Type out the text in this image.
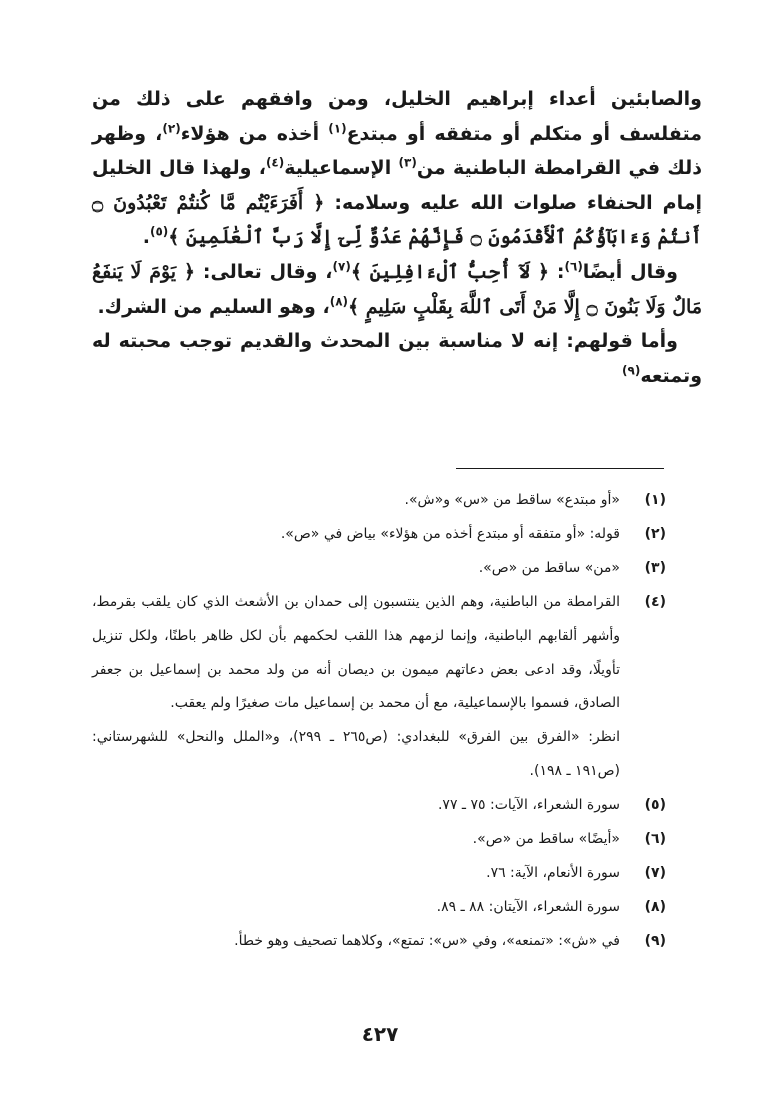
والصابئين أعداء إبراهيم الخليل، ومن وافقهم على ذلك من متفلسف أو متكلم أو متفقه أو مبتدع$^{(١)}$ أخذه من هؤلاء$^{(٢)}$، وظهر ذلك في القرامطة الباطنية من$^{(٣)}$ الإسماعيلية$^{(٤)}$، ولهذا قال الخليل إمام الحنفاء صلوات الله عليه وسلامه: ﴿ أَفَرَءَيْتُم مَّا كُنتُمْ تَعْبُدُونَ ۝ أَنتُمْ وَءَابَآؤُكُمُ ٱلْأَقْدَمُونَ ۝ فَإِنَّهُمْ عَدُوٌّ لِّىٓ إِلَّا رَبَّ ٱلْعَٰلَمِينَ ﴾$^{(٥)}$.

وقال أيضًا$^{(٦)}$: ﴿ لَآ أُحِبُّ ٱلْءَافِلِينَ ﴾$^{(٧)}$، وقال تعالى: ﴿ يَوْمَ لَا يَنفَعُ مَالٌ وَلَا بَنُونَ ۝ إِلَّا مَنْ أَتَى ٱللَّهَ بِقَلْبٍ سَلِيمٍ ﴾$^{(٨)}$، وهو السليم من الشرك.

وأما قولهم: إنه لا مناسبة بين المحدث والقديم توجب محبته له وتمتعه$^{(٩)}$

(١)
«أو مبتدع» ساقط من «س» و«ش».
(٢)
قوله: «أو متفقه أو مبتدع أخذه من هؤلاء» بياض في «ص».
(٣)
«من» ساقط من «ص».
(٤)
القرامطة من الباطنية، وهم الذين ينتسبون إلى حمدان بن الأشعث الذي كان يلقب بقرمط، وأشهر ألقابهم الباطنية، وإنما لزمهم هذا اللقب لحكمهم بأن لكل ظاهر باطنًا، ولكل تنزيل تأويلًا، وقد ادعى بعض دعاتهم ميمون بن ديصان أنه من ولد محمد بن إسماعيل بن جعفر الصادق، فسموا بالإسماعيلية، مع أن محمد بن إسماعيل مات صغيرًا ولم يعقب.
انظر: «الفرق بين الفرق» للبغدادي: (ص٢٦٥ ـ ٢٩٩)، و«الملل والنحل» للشهرستاني: (ص١٩١ ـ ١٩٨).
(٥)
سورة الشعراء، الآيات: ٧٥ ـ ٧٧.
(٦)
«أيضًا» ساقط من «ص».
(٧)
سورة الأنعام، الآية: ٧٦.
(٨)
سورة الشعراء، الآيتان: ٨٨ ـ ٨٩.
(٩)
في «ش»: «تمنعه»، وفي «س»: تمتع»، وكلاهما تصحيف وهو خطأ.
٤٢٧
